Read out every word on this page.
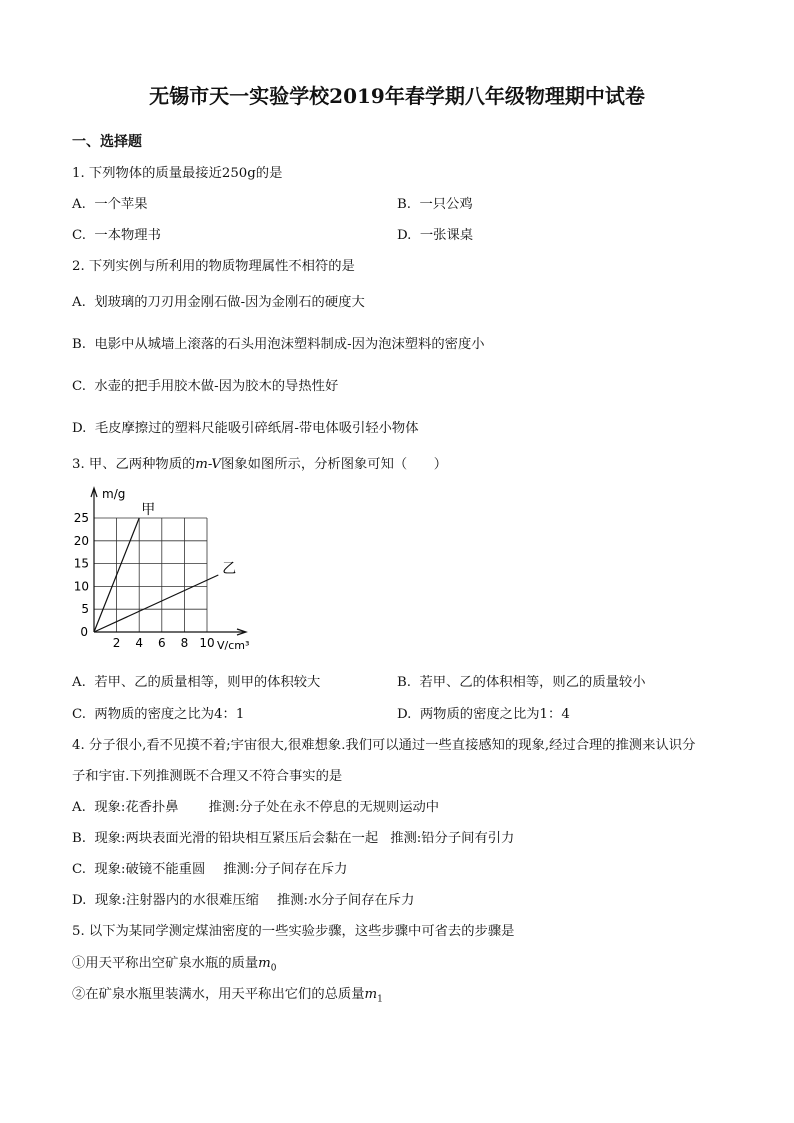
无锡市天一实验学校2019年春学期八年级物理期中试卷
一、选择题
1. 下列物体的质量最接近250g的是
A. 一个苹果	B. 一只公鸡
C. 一本物理书	D. 一张课桌
2. 下列实例与所利用的物质物理属性不相符的是
A. 划玻璃的刀刃用金刚石做-因为金刚石的硬度大
B. 电影中从城墙上滚落的石头用泡沫塑料制成-因为泡沫塑料的密度小
C. 水壶的把手用胶木做-因为胶木的导热性好
D. 毛皮摩擦过的塑料尺能吸引碎纸屑-带电体吸引轻小物体
3. 甲、乙两种物质的m-V图象如图所示，分析图象可知（　　）
2 4 6 8 10
5
10
15
20
25
0
m/g
V/cm³
甲
乙
A. 若甲、乙的质量相等，则甲的体积较大	B. 若甲、乙的体积相等，则乙的质量较小
C. 两物质的密度之比为4：1	D. 两物质的密度之比为1：4
4. 分子很小,看不见摸不着;宇宙很大,很难想象.我们可以通过一些直接感知的现象,经过合理的推测来认识分
子和宇宙.下列推测既不合理又不符合事实的是
A. 现象:花香扑鼻 推测:分子处在永不停息的无规则运动中
B. 现象:两块表面光滑的铅块相互紧压后会黏在一起 推测:铅分子间有引力
C. 现象:破镜不能重圆 推测:分子间存在斥力
D. 现象:注射器内的水很难压缩 推测:水分子间存在斥力
5. 以下为某同学测定煤油密度的一些实验步骤，这些步骤中可省去的步骤是
①用天平称出空矿泉水瓶的质量$m_0$
②在矿泉水瓶里装满水，用天平称出它们的总质量$m_1$
